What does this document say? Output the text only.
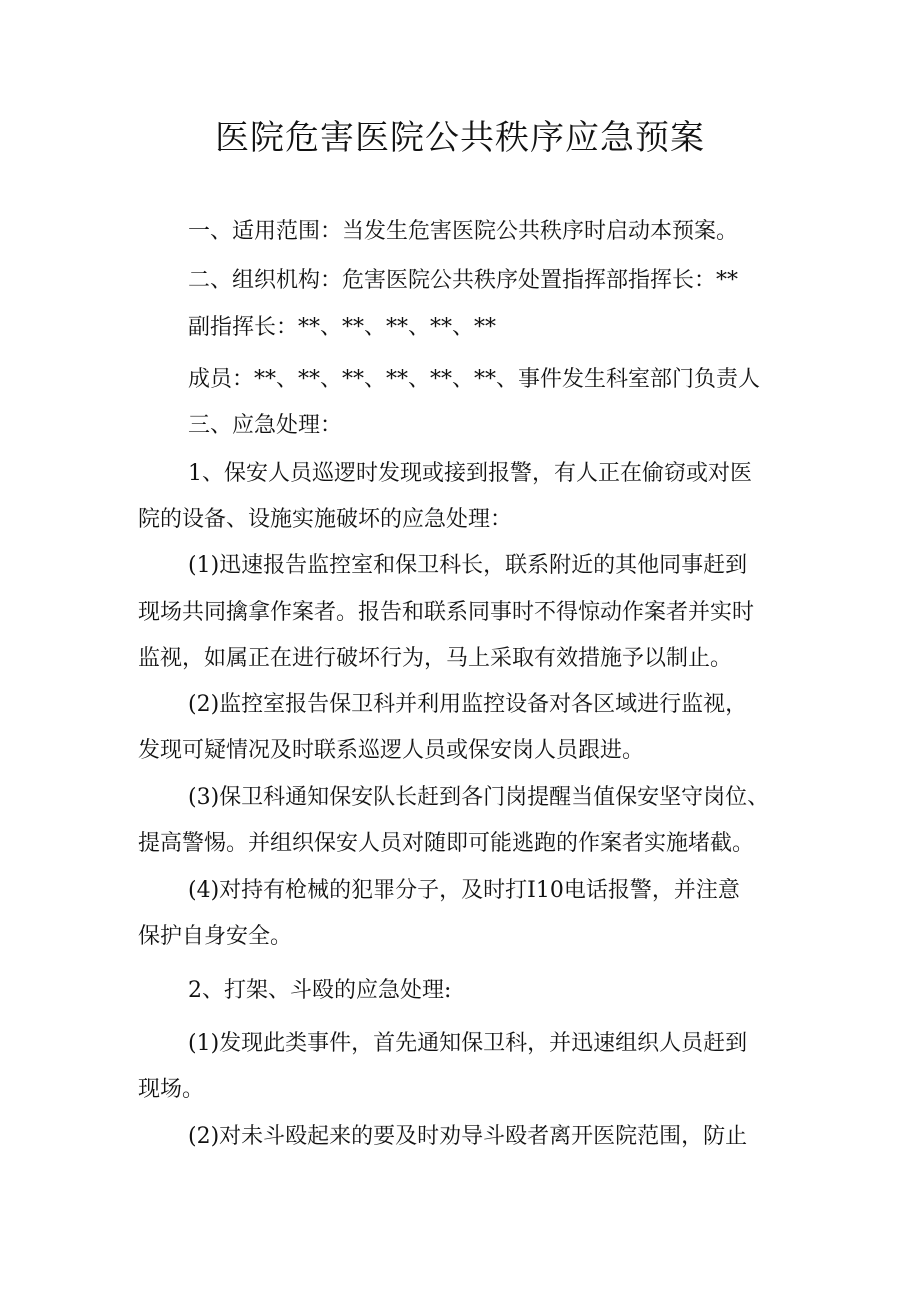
医院危害医院公共秩序应急预案
一、适用范围：当发生危害医院公共秩序时启动本预案。
二、组织机构：危害医院公共秩序处置指挥部指挥长：**
副指挥长：**、**、**、**、**
成员：**、**、**、**、**、**、事件发生科室部门负责人
三、应急处理：
1、保安人员巡逻时发现或接到报警，有人正在偷窃或对医
院的设备、设施实施破坏的应急处理：
(1)迅速报告监控室和保卫科长，联系附近的其他同事赶到
现场共同擒拿作案者。报告和联系同事时不得惊动作案者并实时
监视，如属正在进行破坏行为，马上采取有效措施予以制止。
(2)监控室报告保卫科并利用监控设备对各区域进行监视，
发现可疑情况及时联系巡逻人员或保安岗人员跟进。
(3)保卫科通知保安队长赶到各门岗提醒当值保安坚守岗位、
提高警惕。并组织保安人员对随即可能逃跑的作案者实施堵截。
(4)对持有枪械的犯罪分子，及时打I10电话报警，并注意
保护自身安全。
2、打架、斗殴的应急处理:
(1)发现此类事件，首先通知保卫科，并迅速组织人员赶到
现场。
(2)对未斗殴起来的要及时劝导斗殴者离开医院范围，防止
